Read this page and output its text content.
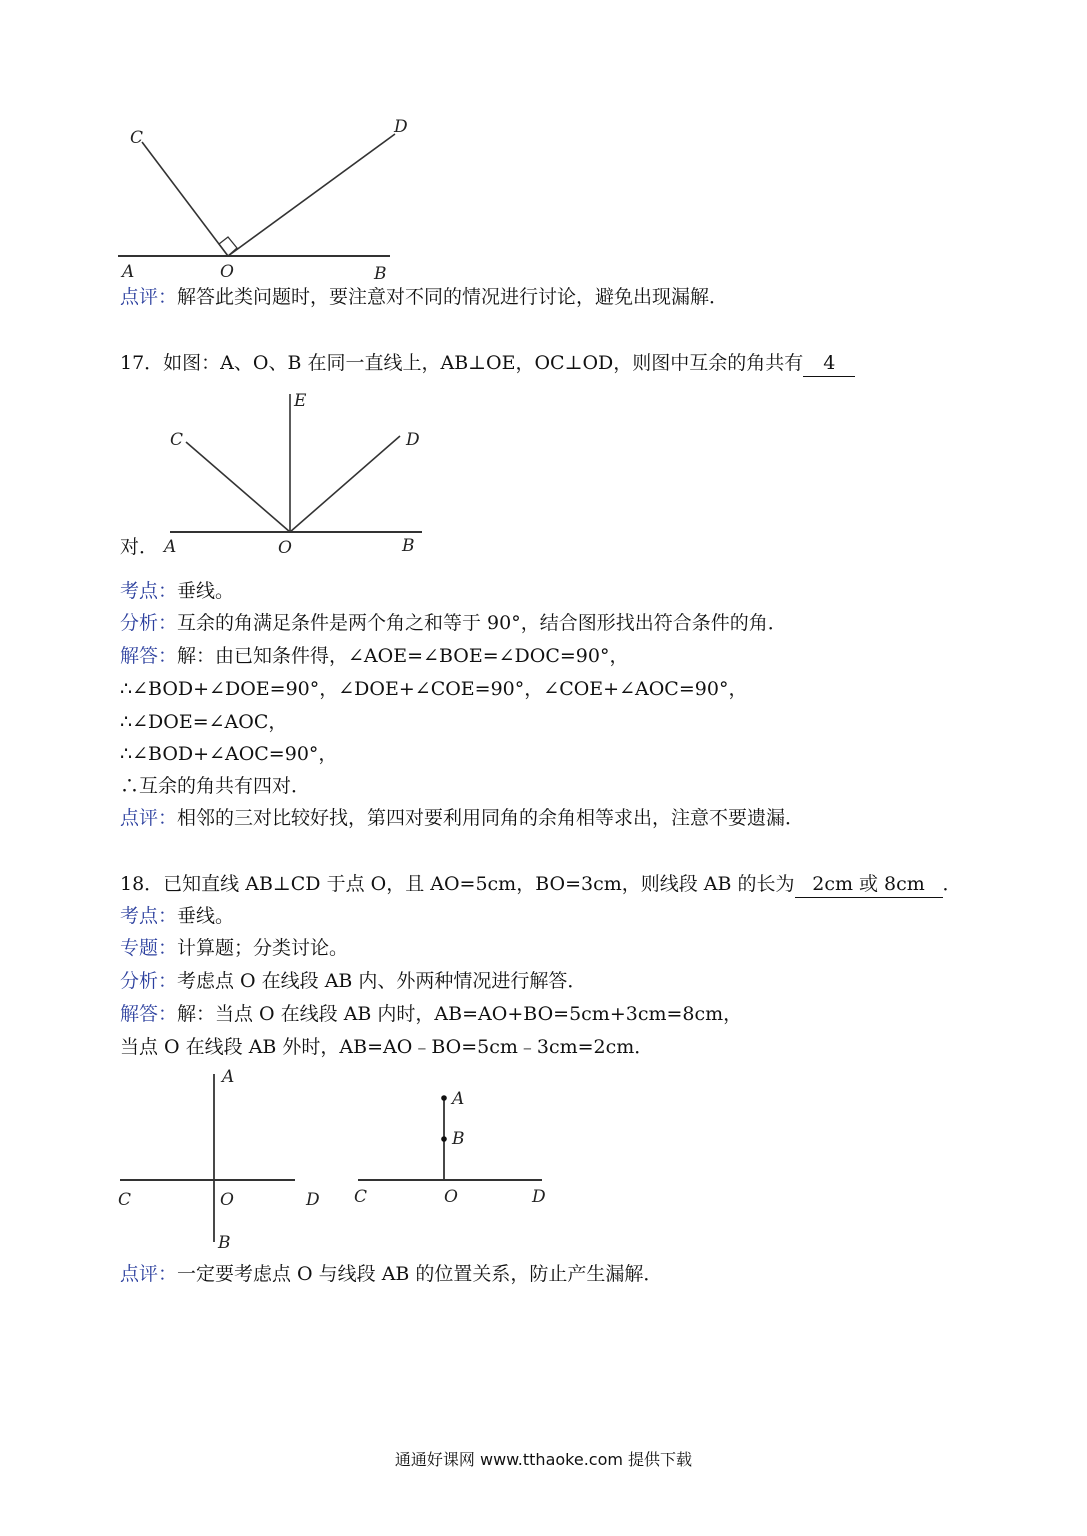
C
D
A	O	B
点评：解答此类问题时，要注意对不同的情况进行讨论，避免出现漏解．
17．如图：A、O、B 在同一直线上，AB⊥OE，OC⊥OD，则图中互余的角共有 4
E
C	D
A	O	B
对．
考点：垂线。
分析：互余的角满足条件是两个角之和等于 90°，结合图形找出符合条件的角．
解答：解：由已知条件得，∠AOE=∠BOE=∠DOC=90°，
∴∠BOD+∠DOE=90°，∠DOE+∠COE=90°，∠COE+∠AOC=90°，
∴∠DOE=∠AOC，
∴∠BOD+∠AOC=90°，
∴互余的角共有四对．
点评：相邻的三对比较好找，第四对要利用同角的余角相等求出，注意不要遗漏．
18．已知直线 AB⊥CD 于点 O，且 AO=5cm，BO=3cm，则线段 AB 的长为 2cm 或 8cm ．
考点：垂线。
专题：计算题；分类讨论。
分析：考虑点 O 在线段 AB 内、外两种情况进行解答．
解答：解：当点 O 在线段 AB 内时，AB=AO+BO=5cm+3cm=8cm，
当点 O 在线段 AB 外时，AB=AO﹣BO=5cm﹣3cm=2cm．
A
B
C	O	D
A
B
C	O	D
点评：一定要考虑点 O 与线段 AB 的位置关系，防止产生漏解．
通通好课网 www.tthaoke.com 提供下载
